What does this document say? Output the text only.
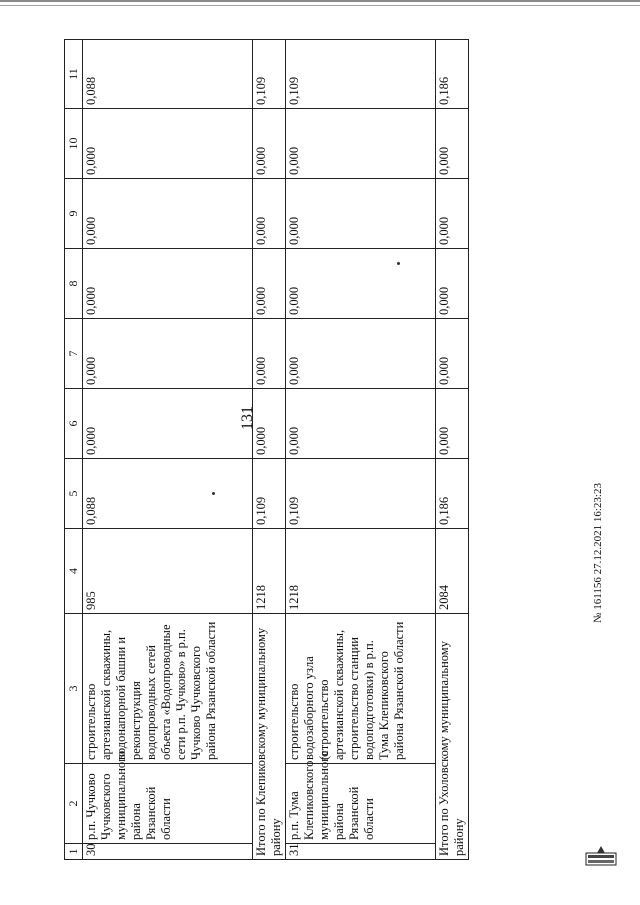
131
1	2	3	4	5	6	7	8	9	10	11
30	р.п. Чучково Чучковского муниципального района Рязанской области	строительство артезианской скважины, водонапорной башни и реконструкция водопроводных сетей объекта «Водопроводные сети р.п. Чучково» в р.п. Чучково Чучковского района Рязанской области	985	0,088	0,000	0,000	0,000	0,000	0,000	0,088
Итого по Клепиковскому муниципальному району			1218	0,109	0,000	0,000	0,000	0,000	0,000	0,109
31	р.п. Тума Клепиковского муниципального района Рязанской области	строительство водозаборного узла (строительство артезианской скважины, строительство станции водоподготовки) в р.п. Тума Клепиковского района Рязанской области	1218	0,109	0,000	0,000	0,000	0,000	0,000	0,109
Итого по Ухоловскому муниципальному району			2084	0,186	0,000	0,000	0,000	0,000	0,000	0,186
№ 161156 27.12.2021 16:23:23
